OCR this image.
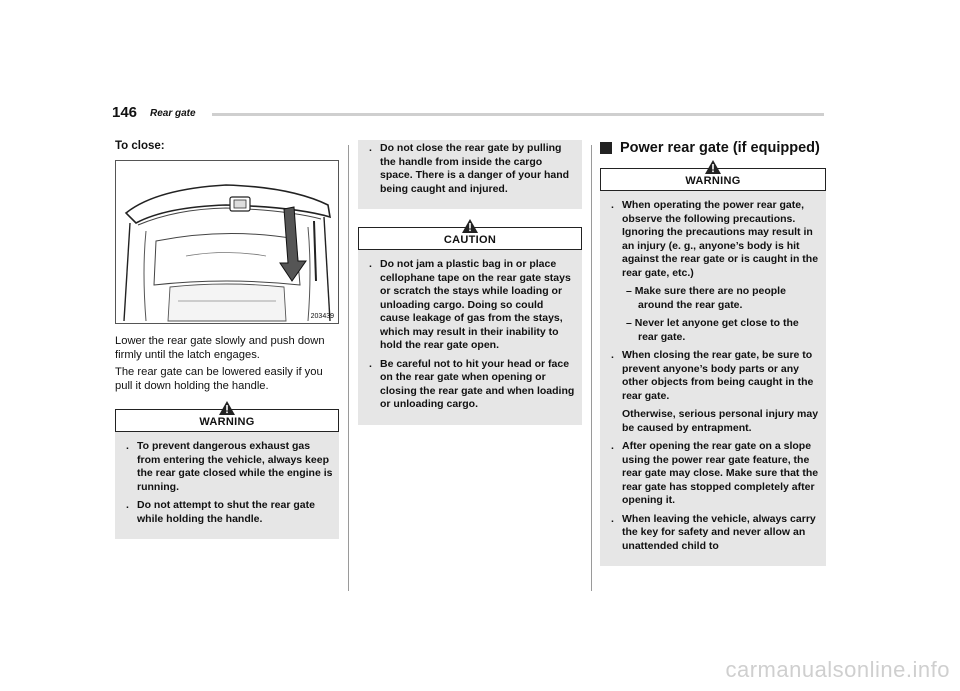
146 Rear gate
To close:
203439

Lower the rear gate slowly and push down firmly until the latch engages.

The rear gate can be lowered easily if you pull it down holding the handle.

WARNING
. To prevent dangerous exhaust gas from entering the vehicle, always keep the rear gate closed while the engine is running.
. Do not attempt to shut the rear gate while holding the handle.
. Do not close the rear gate by pulling the handle from inside the cargo space. There is a danger of your hand being caught and injured.
CAUTION
. Do not jam a plastic bag in or place cellophane tape on the rear gate stays or scratch the stays while loading or unloading cargo. Doing so could cause leakage of gas from the stays, which may result in their inability to hold the rear gate open.
. Be careful not to hit your head or face on the rear gate when opening or closing the rear gate and when loading or unloading cargo.
Power rear gate (if equipped)
WARNING
. When operating the power rear gate, observe the following precautions. Ignoring the precautions may result in an injury (e. g., anyone’s body is hit against the rear gate or is caught in the rear gate, etc.)
– Make sure there are no people around the rear gate.
– Never let anyone get close to the rear gate.
. When closing the rear gate, be sure to prevent anyone’s body parts or any other objects from being caught in the rear gate.
Otherwise, serious personal injury may be caused by entrapment.
. After opening the rear gate on a slope using the power rear gate feature, the rear gate may close. Make sure that the rear gate has stopped completely after opening it.
. When leaving the vehicle, always carry the key for safety and never allow an unattended child to
carmanualsonline.info
